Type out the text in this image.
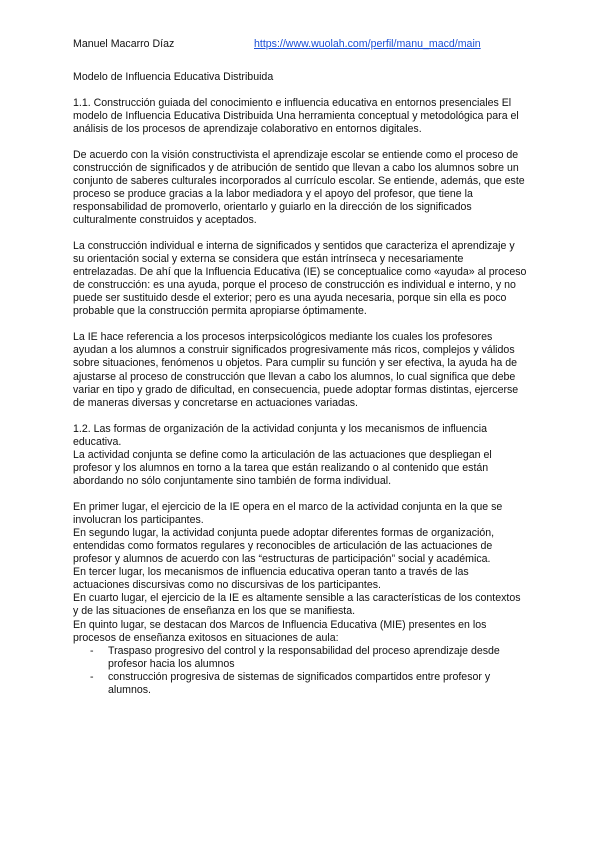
Manuel Macarro Díaz	https://www.wuolah.com/perfil/manu_macd/main

Modelo de Influencia Educativa Distribuida

1.1. Construcción guiada del conocimiento e influencia educativa en entornos presenciales El modelo de Influencia Educativa Distribuida Una herramienta conceptual y metodológica para el análisis de los procesos de aprendizaje colaborativo en entornos digitales.

De acuerdo con la visión constructivista el aprendizaje escolar se entiende como el proceso de construcción de significados y de atribución de sentido que llevan a cabo los alumnos sobre un conjunto de saberes culturales incorporados al currículo escolar. Se entiende, además, que este proceso se produce gracias a la labor mediadora y el apoyo del profesor, que tiene la responsabilidad de promoverlo, orientarlo y guiarlo en la dirección de los significados culturalmente construidos y aceptados.

La construcción individual e interna de significados y sentidos que caracteriza el aprendizaje y su orientación social y externa se considera que están intrínseca y necesariamente entrelazadas. De ahí que la Influencia Educativa (IE) se conceptualice como «ayuda» al proceso de construcción: es una ayuda, porque el proceso de construcción es individual e interno, y no puede ser sustituido desde el exterior; pero es una ayuda necesaria, porque sin ella es poco probable que la construcción permita apropiarse óptimamente.

La IE hace referencia a los procesos interpsicológicos mediante los cuales los profesores ayudan a los alumnos a construir significados progresivamente más ricos, complejos y válidos sobre situaciones, fenómenos u objetos. Para cumplir su función y ser efectiva, la ayuda ha de ajustarse al proceso de construcción que llevan a cabo los alumnos, lo cual significa que debe variar en tipo y grado de dificultad, en consecuencia, puede adoptar formas distintas, ejercerse de maneras diversas y concretarse en actuaciones variadas.

1.2. Las formas de organización de la actividad conjunta y los mecanismos de influencia educativa.
La actividad conjunta se define como la articulación de las actuaciones que despliegan el profesor y los alumnos en torno a la tarea que están realizando o al contenido que están abordando no sólo conjuntamente sino también de forma individual.
En primer lugar, el ejercicio de la IE opera en el marco de la actividad conjunta en la que se involucran los participantes.
En segundo lugar, la actividad conjunta puede adoptar diferentes formas de organización, entendidas como formatos regulares y reconocibles de articulación de las actuaciones de profesor y alumnos de acuerdo con las “estructuras de participación” social y académica.
En tercer lugar, los mecanismos de influencia educativa operan tanto a través de las actuaciones discursivas como no discursivas de los participantes.
En cuarto lugar, el ejercicio de la IE es altamente sensible a las características de los contextos y de las situaciones de enseñanza en los que se manifiesta.
En quinto lugar, se destacan dos Marcos de Influencia Educativa (MIE) presentes en los procesos de enseñanza exitosos en situaciones de aula:
- Traspaso progresivo del control y la responsabilidad del proceso aprendizaje desde profesor hacia los alumnos
- construcción progresiva de sistemas de significados compartidos entre profesor y alumnos.
